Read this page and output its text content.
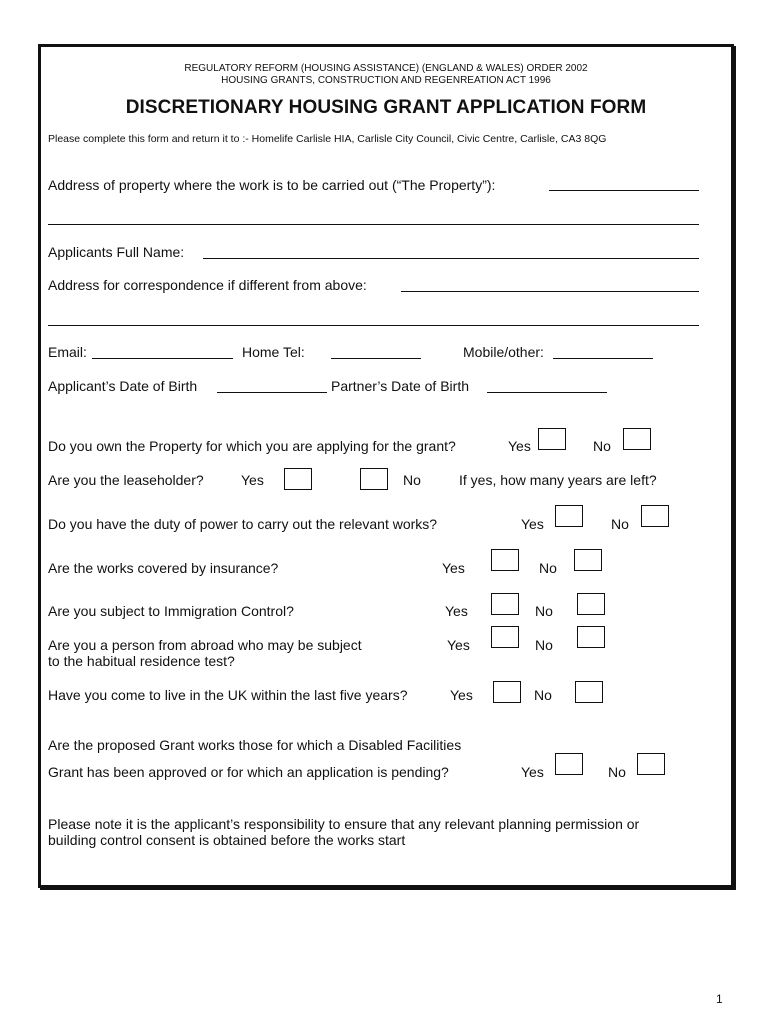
REGULATORY REFORM (HOUSING ASSISTANCE) (ENGLAND & WALES) ORDER 2002
HOUSING GRANTS, CONSTRUCTION AND REGENREATION ACT 1996
DISCRETIONARY HOUSING GRANT APPLICATION FORM
Please complete this form and return it to :- Homelife Carlisle HIA, Carlisle City Council, Civic Centre, Carlisle, CA3 8QG
Address of property where the work is to be carried out (“The Property”):
Applicants Full Name:
Address for correspondence if different from above:
Email:	Home Tel:	Mobile/other:
Applicant’s Date of Birth	Partner’s Date of Birth
Do you own the Property for which you are applying for the grant?	Yes	No
Are you the leaseholder?	Yes	No	If yes, how many years are left?
Do you have the duty of power to carry out the relevant works?	Yes	No
Are the works covered by insurance?	Yes	No
Are you subject to Immigration Control?	Yes	No
Are you a person from abroad who may be subject
to the habitual residence test?
Yes	No
Have you come to live in the UK within the last five years?	Yes	No
Are the proposed Grant works those for which a Disabled Facilities
Grant has been approved or for which an application is pending?	Yes	No
Please note it is the applicant’s responsibility to ensure that any relevant planning permission or
building control consent is obtained before the works start
1
